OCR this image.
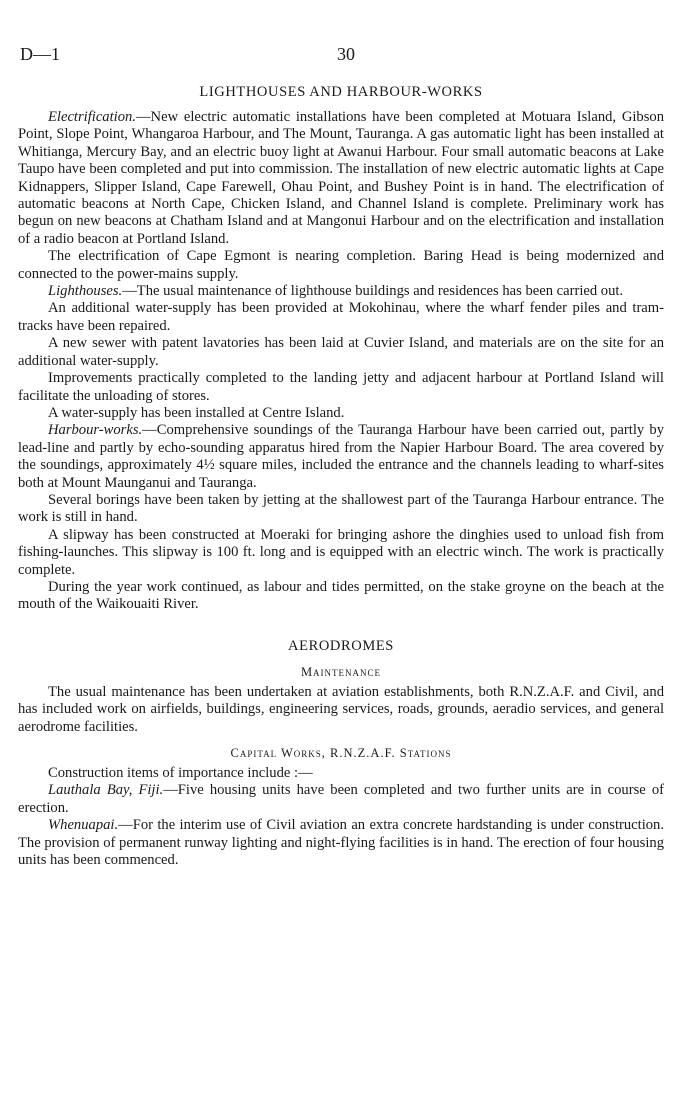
D—1	30
LIGHTHOUSES AND HARBOUR-WORKS

Electrification.—New electric automatic installations have been completed at Motuara Island, Gibson Point, Slope Point, Whangaroa Harbour, and The Mount, Tauranga. A gas automatic light has been installed at Whitianga, Mercury Bay, and an electric buoy light at Awanui Harbour. Four small automatic beacons at Lake Taupo have been completed and put into commission. The installation of new electric automatic lights at Cape Kidnappers, Slipper Island, Cape Farewell, Ohau Point, and Bushey Point is in hand. The electrification of automatic beacons at North Cape, Chicken Island, and Channel Island is complete. Preliminary work has begun on new beacons at Chatham Island and at Mangonui Harbour and on the electrification and installation of a radio beacon at Portland Island.

The electrification of Cape Egmont is nearing completion. Baring Head is being modernized and connected to the power-mains supply.

Lighthouses.—The usual maintenance of lighthouse buildings and residences has been carried out.

An additional water-supply has been provided at Mokohinau, where the wharf fender piles and tram-tracks have been repaired.

A new sewer with patent lavatories has been laid at Cuvier Island, and materials are on the site for an additional water-supply.

Improvements practically completed to the landing jetty and adjacent harbour at Portland Island will facilitate the unloading of stores.

A water-supply has been installed at Centre Island.

Harbour-works.—Comprehensive soundings of the Tauranga Harbour have been carried out, partly by lead-line and partly by echo-sounding apparatus hired from the Napier Harbour Board. The area covered by the soundings, approximately 4½ square miles, included the entrance and the channels leading to wharf-sites both at Mount Maunganui and Tauranga.

Several borings have been taken by jetting at the shallowest part of the Tauranga Harbour entrance. The work is still in hand.

A slipway has been constructed at Moeraki for bringing ashore the dinghies used to unload fish from fishing-launches. This slipway is 100 ft. long and is equipped with an electric winch. The work is practically complete.

During the year work continued, as labour and tides permitted, on the stake groyne on the beach at the mouth of the Waikouaiti River.

AERODROMES
Maintenance

The usual maintenance has been undertaken at aviation establishments, both R.N.Z.A.F. and Civil, and has included work on airfields, buildings, engineering services, roads, grounds, aeradio services, and general aerodrome facilities.

Capital Works, R.N.Z.A.F. Stations

Construction items of importance include :—

Lauthala Bay, Fiji.—Five housing units have been completed and two further units are in course of erection.

Whenuapai.—For the interim use of Civil aviation an extra concrete hardstanding is under construction. The provision of permanent runway lighting and night-flying facilities is in hand. The erection of four housing units has been commenced.
